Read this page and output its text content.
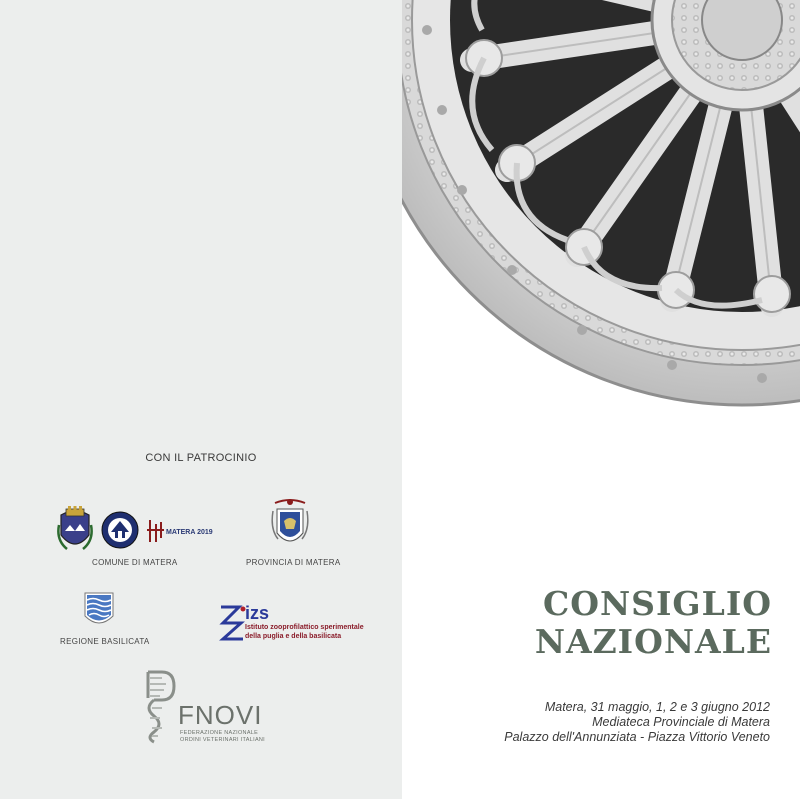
CON IL PATROCINIO
MATERA 2019
COMUNE DI MATERA	PROVINCIA DI MATERA
REGIONE BASILICATA
izs
Istituto zooprofilattico sperimentale
della puglia e della basilicata
FNOVI
FEDERAZIONE NAZIONALE
ORDINI VETERINARI ITALIANI
CONSIGLIO
NAZIONALE
Matera, 31 maggio, 1, 2 e 3 giugno 2012
Mediateca Provinciale di Matera
Palazzo dell'Annunziata - Piazza Vittorio Veneto
